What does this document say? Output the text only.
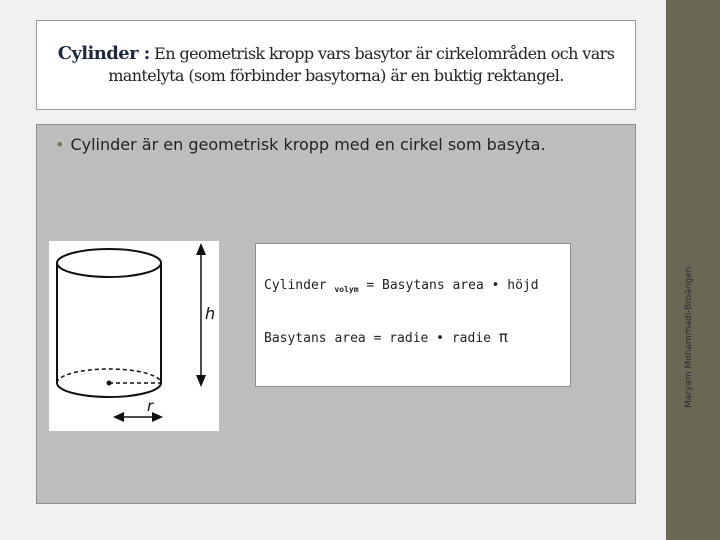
Maryam Mohammadi-Broängen
Cylinder : En geometrisk kropp vars basytor är cirkelområden och vars
mantelyta (som förbinder basytorna) är en buktig rektangel.
• Cylinder är en geometrisk kropp med en cirkel som basyta.
h
r
Cylinder $_{volym}$ = Basytans area • höjd
Basytans area = radie • radie π
